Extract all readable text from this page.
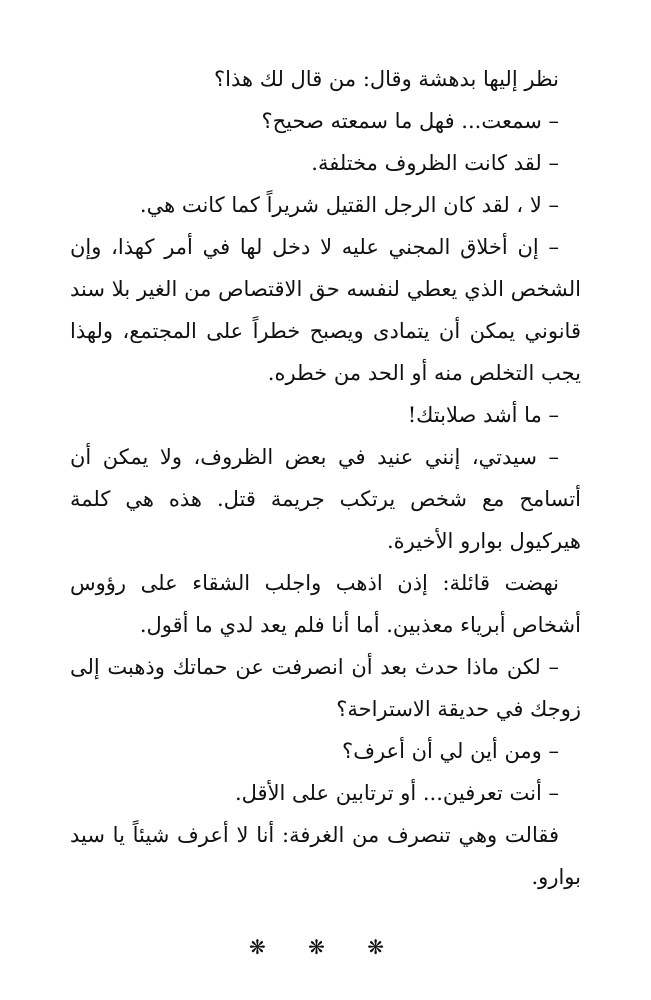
نظر إليها بدهشة وقال: من قال لك هذا؟

– سمعت... فهل ما سمعته صحيح؟

– لقد كانت الظروف مختلفة.

– لا ، لقد كان الرجل القتيل شريراً كما كانت هي.

– إن أخلاق المجني عليه لا دخل لها في أمر كهذا، وإن الشخص الذي يعطي لنفسه حق الاقتصاص من الغير بلا سند قانوني يمكن أن يتمادى ويصبح خطراً على المجتمع، ولهذا يجب التخلص منه أو الحد من خطره.

– ما أشد صلابتك!

– سيدتي، إنني عنيد في بعض الظروف، ولا يمكن أن أتسامح مع شخص يرتكب جريمة قتل. هذه هي كلمة هيركيول بوارو الأخيرة.

نهضت قائلة: إذن اذهب واجلب الشقاء على رؤوس أشخاص أبرياء معذبين. أما أنا فلم يعد لدي ما أقول.

– لكن ماذا حدث بعد أن انصرفت عن حماتك وذهبت إلى زوجك في حديقة الاستراحة؟

– ومن أين لي أن أعرف؟

– أنت تعرفين... أو ترتابين على الأقل.

فقالت وهي تنصرف من الغرفة: أنا لا أعرف شيئاً يا سيد بوارو.

❋ ❋ ❋
